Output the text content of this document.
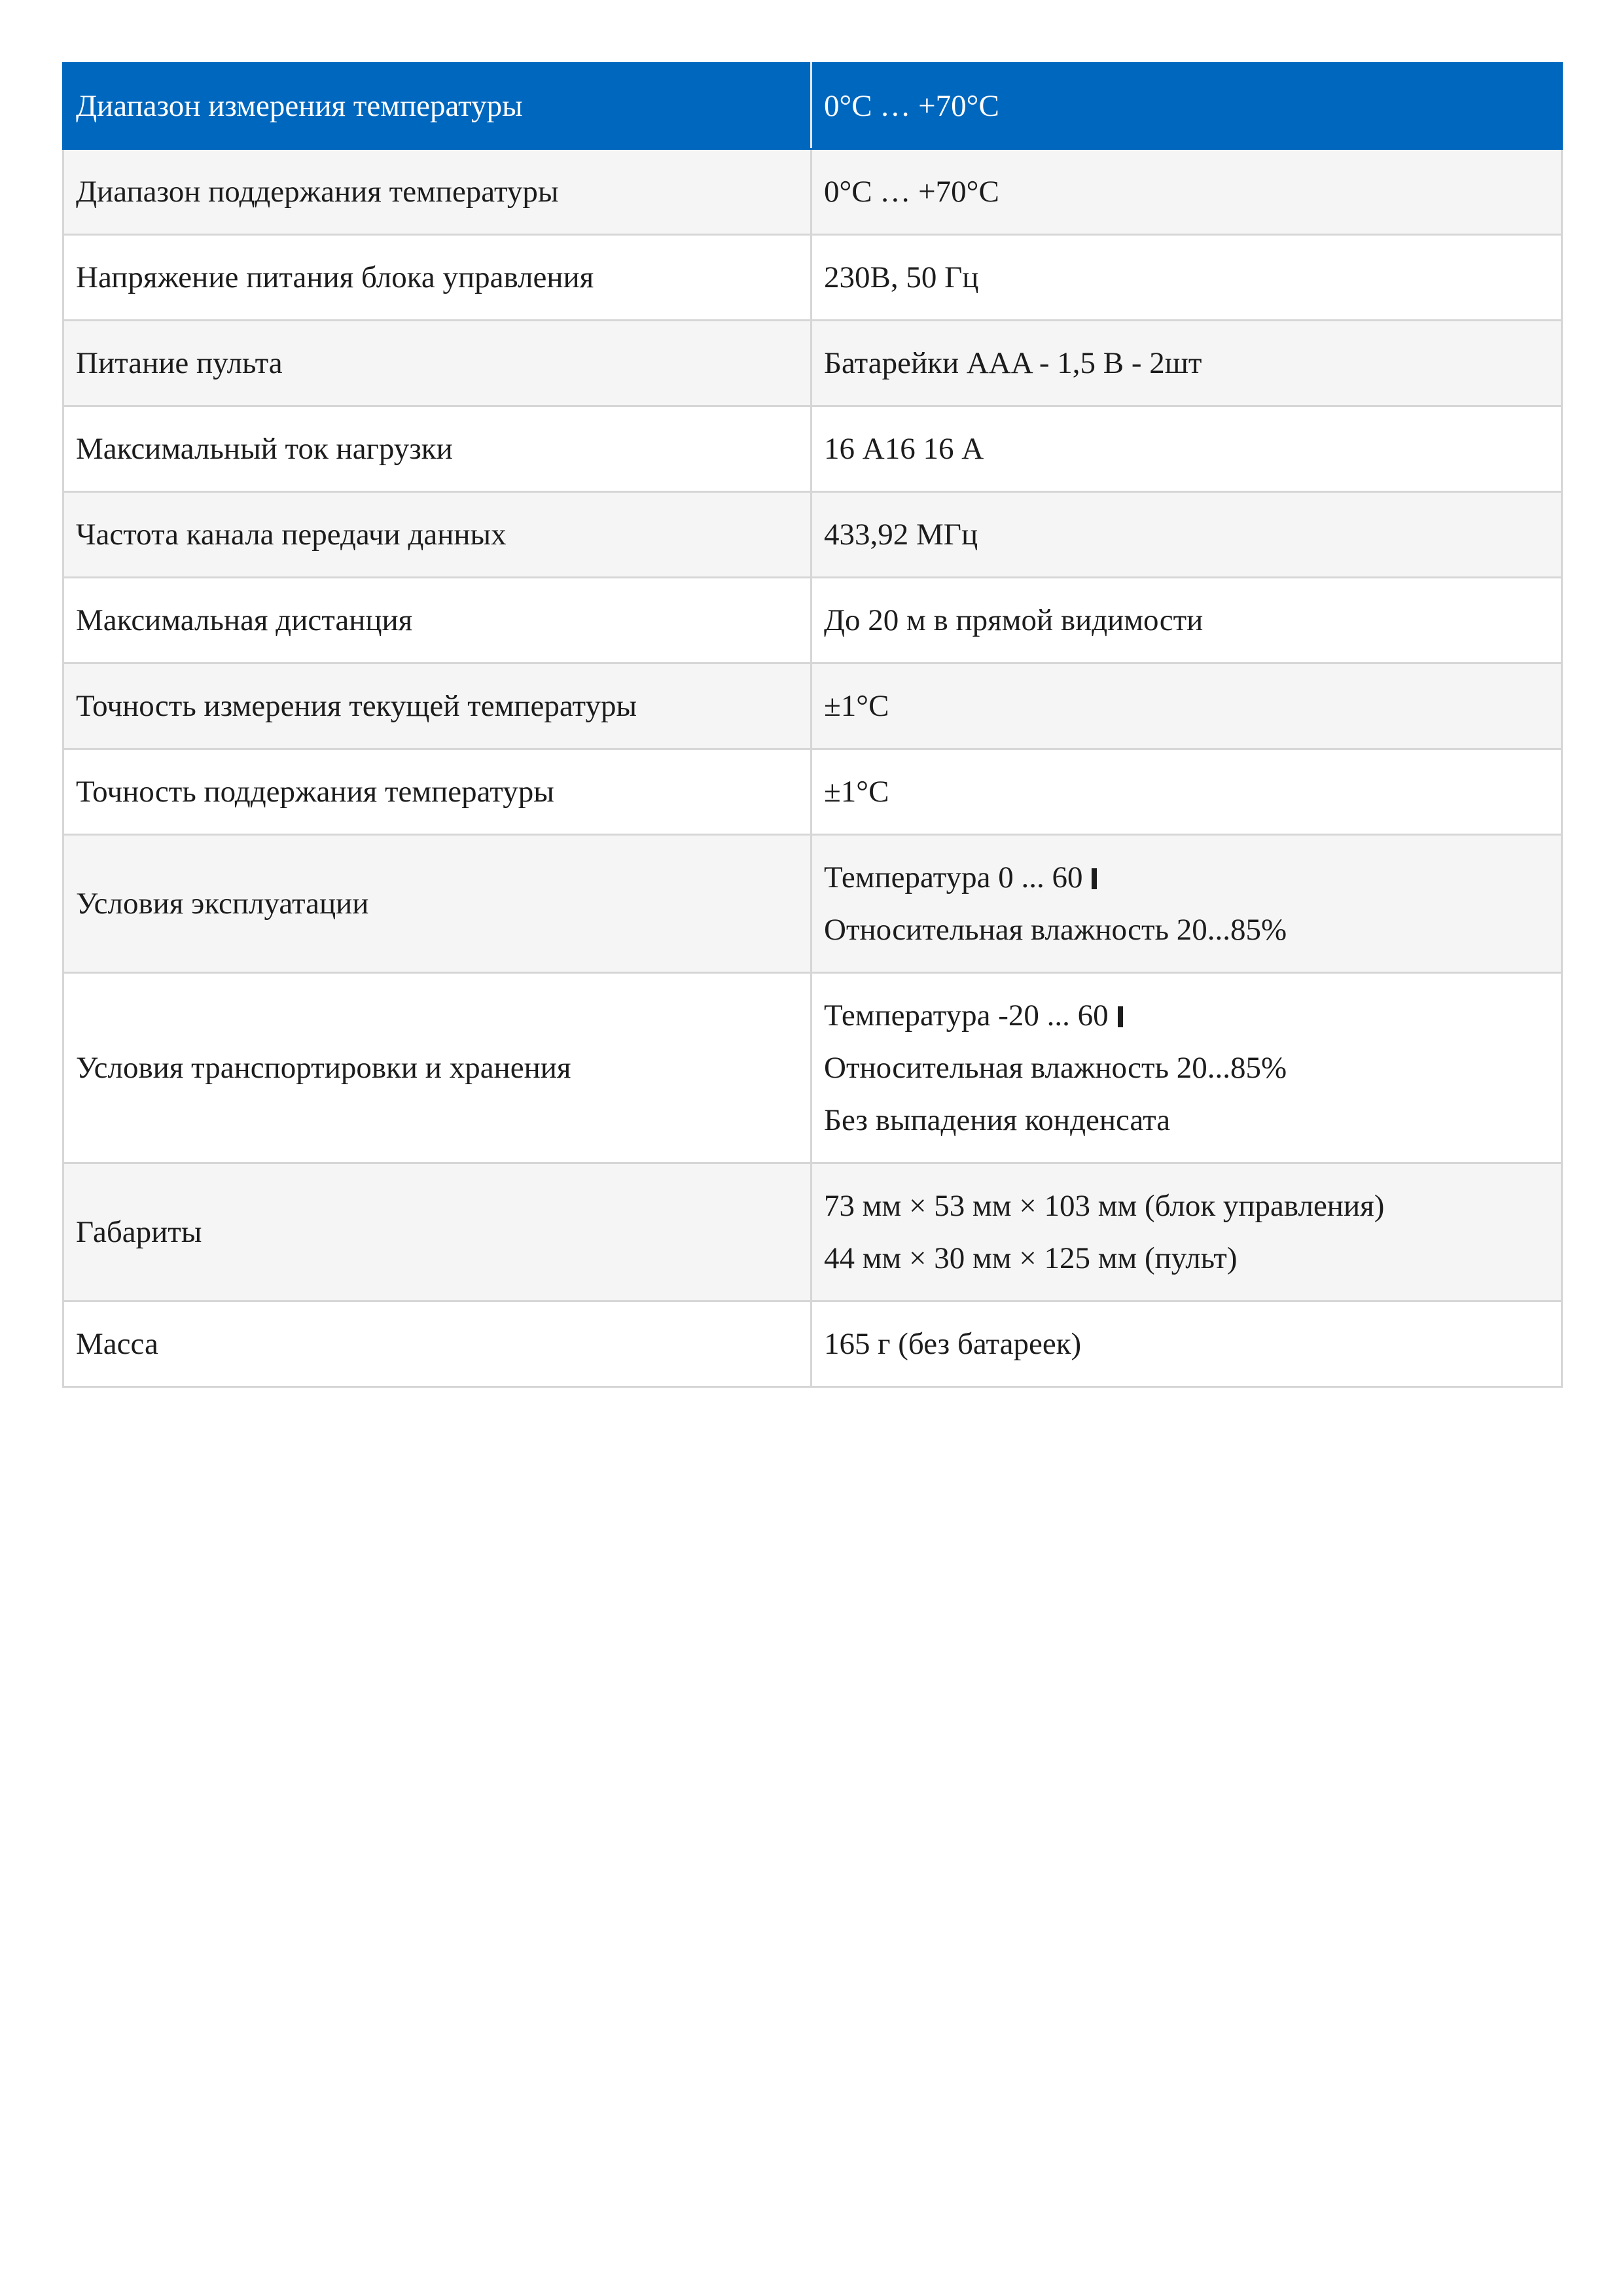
Диапазон измерения температуры	0°C … +70°C
Диапазон поддержания температуры	0°C … +70°C
Напряжение питания блока управления	230В, 50 Гц
Питание пульта	Батарейки AAA - 1,5 В - 2шт
Максимальный ток нагрузки	16 А16 16 А
Частота канала передачи данных	433,92 МГц
Максимальная дистанция	До 20 м в прямой видимости
Точность измерения текущей температуры	±1°C
Точность поддержания температуры	±1°C
Условия эксплуатации	Температура 0 ... 60
Относительная влажность 20...85%

Условия транспортировки и хранения	Температура -20 ... 60
Относительная влажность 20...85%
Без выпадения конденсата

Габариты	73 мм × 53 мм × 103 мм (блок управления)
44 мм × 30 мм × 125 мм (пульт)

Масса	165 г (без батареек)
